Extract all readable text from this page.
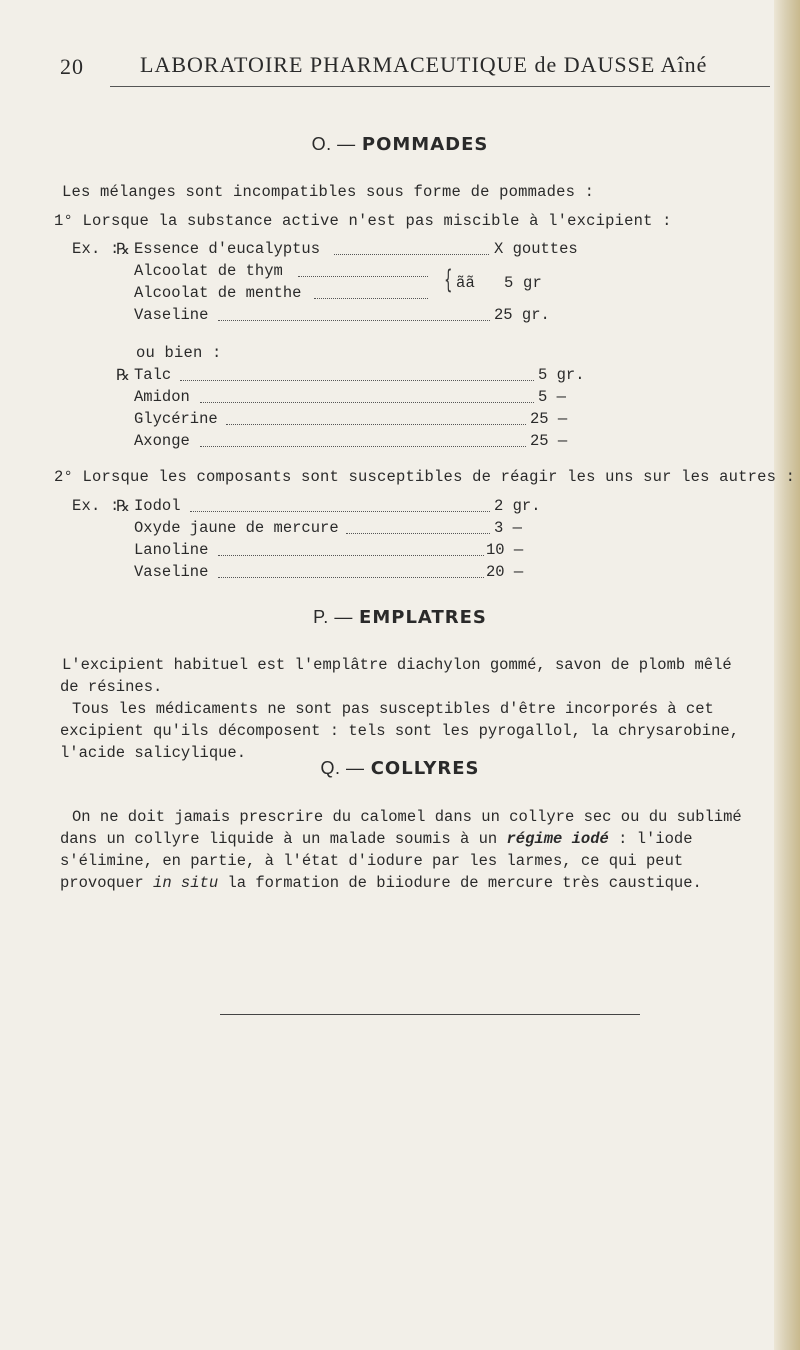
20	LABORATOIRE PHARMACEUTIQUE de DAUSSE Aîné
O. — POMMADES
Les mélanges sont incompatibles sous forme de pommades :
1° Lorsque la substance active n'est pas miscible à l'excipient :
Ex. :
℞ Essence d'eucalyptus	X gouttes
Alcoolat de thym
Alcoolat de menthe	{ ãã 5 gr
Vaseline	25 gr.
ou bien :
℞ Talc	5 gr.
Amidon	5 —
Glycérine	25 —
Axonge	25 —
2° Lorsque les composants sont susceptibles de réagir les uns sur les autres :
Ex. :
℞ Iodol	2 gr.
Oxyde jaune de mercure	3 —
Lanoline	10 —
Vaseline	20 —
P. — EMPLATRES
L'excipient habituel est l'emplâtre diachylon gommé, savon de plomb mêlé de résines.
Tous les médicaments ne sont pas susceptibles d'être incorporés à cet excipient qu'ils décomposent : tels sont les pyrogallol, la chrysarobine, l'acide salicylique.
Q. — COLLYRES
On ne doit jamais prescrire du calomel dans un collyre sec ou du sublimé dans un collyre liquide à un malade soumis à un régime iodé : l'iode s'élimine, en partie, à l'état d'iodure par les larmes, ce qui peut provoquer in situ la formation de biiodure de mercure très caustique.
